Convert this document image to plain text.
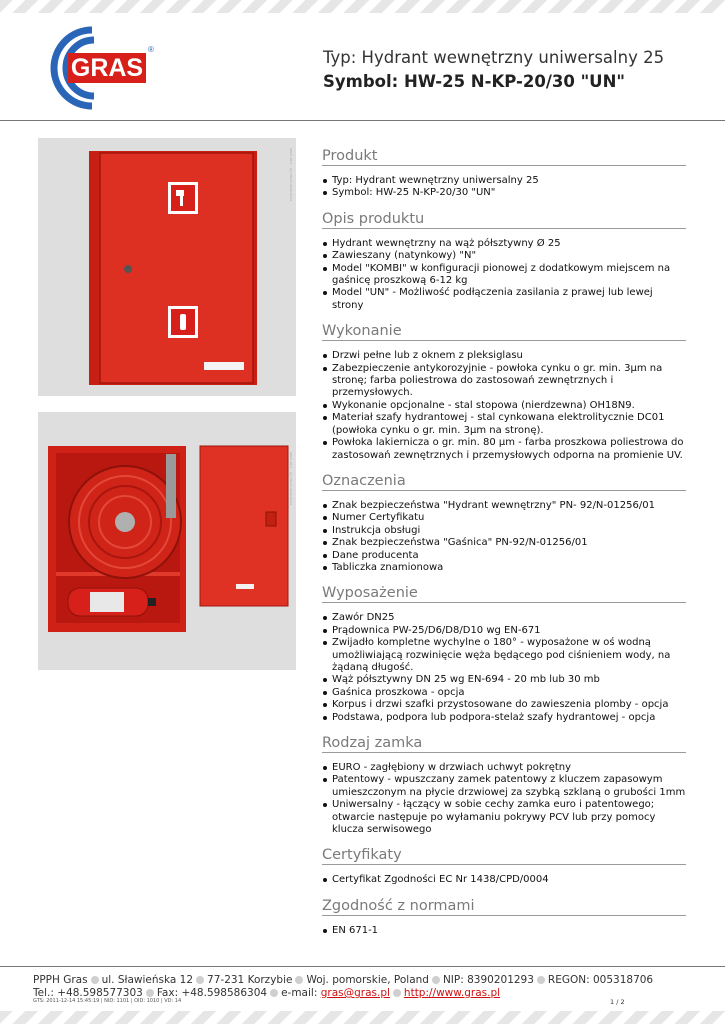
GRAS
®	Typ: Hydrant wewnętrzny uniwersalny 25
Symbol: HW-25 N-KP-20/30 "UN"
GRAS 2011 · typ HW-25 N-KP-20/30
GRAS 2011 · typ HW-25 N-KP-20/30
Produkt
Typ: Hydrant wewnętrzny uniwersalny 25
Symbol: HW-25 N-KP-20/30 "UN"
Opis produktu
Hydrant wewnętrzny na wąż półsztywny Ø 25
Zawieszany (natynkowy) "N"
Model "KOMBI" w konfiguracji pionowej z dodatkowym miejscem na gaśnicę proszkową 6-12 kg
Model "UN" - Możliwość podłączenia zasilania z prawej lub lewej strony
Wykonanie
Drzwi pełne lub z oknem z pleksiglasu
Zabezpieczenie antykorozyjnie - powłoka cynku o gr. min. 3µm na stronę; farba poliestrowa do zastosowań zewnętrznych i przemysłowych.
Wykonanie opcjonalne - stal stopowa (nierdzewna) OH18N9.
Materiał szafy hydrantowej - stal cynkowana elektrolitycznie DC01 (powłoka cynku o gr. min. 3µm na stronę).
Powłoka lakiernicza o gr. min. 80 µm - farba proszkowa poliestrowa do zastosowań zewnętrznych i przemysłowych odporna na promienie UV.
Oznaczenia
Znak bezpieczeństwa "Hydrant wewnętrzny" PN- 92/N-01256/01
Numer Certyfikatu
Instrukcja obsługi
Znak bezpieczeństwa "Gaśnica" PN-92/N-01256/01
Dane producenta
Tabliczka znamionowa
Wyposażenie
Zawór DN25
Prądownica PW-25/D6/D8/D10 wg EN-671
Zwijadło kompletne wychylne o 180° - wyposażone w oś wodną umożliwiającą rozwinięcie węża będącego pod ciśnieniem wody, na żądaną długość.
Wąż półsztywny DN 25 wg EN-694 - 20 mb lub 30 mb
Gaśnica proszkowa - opcja
Korpus i drzwi szafki przystosowane do zawieszenia plomby - opcja
Podstawa, podpora lub podpora-stelaż szafy hydrantowej - opcja
Rodzaj zamka
EURO - zagłębiony w drzwiach uchwyt pokrętny
Patentowy - wpuszczany zamek patentowy z kluczem zapasowym umieszczonym na płycie drzwiowej za szybką szklaną o grubości 1mm
Uniwersalny - łączący w sobie cechy zamka euro i patentowego; otwarcie następuje po wyłamaniu pokrywy PCV lub przy pomocy klucza serwisowego
Certyfikaty
Certyfikat Zgodności EC Nr 1438/CPD/0004
Zgodność z normami
EN 671-1
PPPH Gras ul. Sławieńska 12 77-231 Korzybie Woj. pomorskie, Poland NIP: 8390201293 REGON: 005318706
Tel.: +48.598577303 Fax: +48.598586304 e-mail: gras@gras.pl http://www.gras.pl
GTS: 2011-12-14 15:45:19 | NID: 1101 | OID: 1010 | VD: 14	1 / 2
